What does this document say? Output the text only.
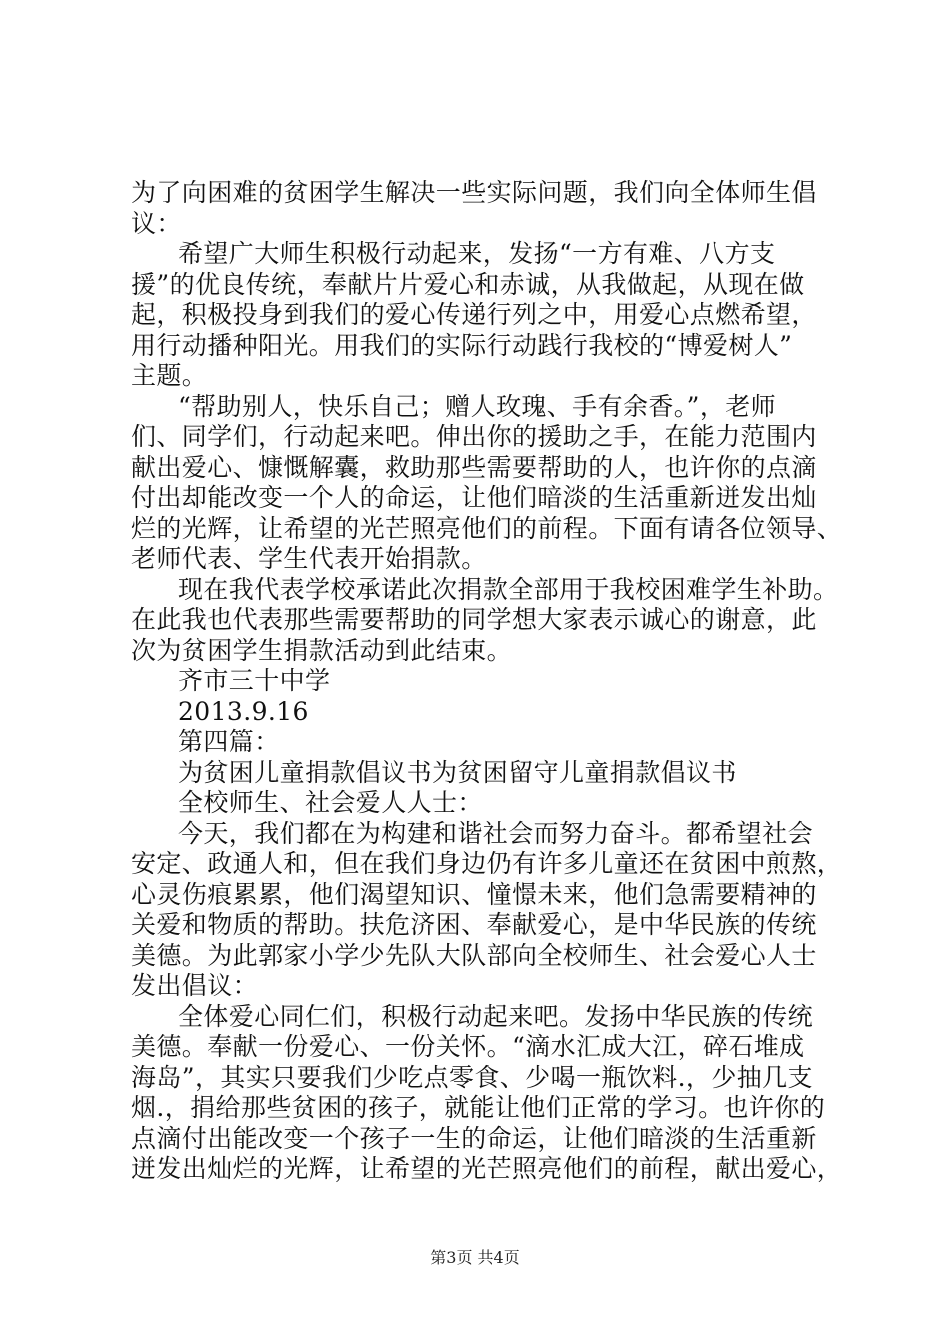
为了向困难的贫困学生解决一些实际问题，我们向全体师生倡
议：
希望广大师生积极行动起来，发扬“一方有难、八方支
援”的优良传统，奉献片片爱心和赤诚，从我做起，从现在做
起，积极投身到我们的爱心传递行列之中，用爱心点燃希望，
用行动播种阳光。用我们的实际行动践行我校的“博爱树人”
主题。
“帮助别人，快乐自己；赠人玫瑰、手有余香。”，老师
们、同学们，行动起来吧。伸出你的援助之手，在能力范围内
献出爱心、慷慨解囊，救助那些需要帮助的人，也许你的点滴
付出却能改变一个人的命运，让他们暗淡的生活重新迸发出灿
烂的光辉，让希望的光芒照亮他们的前程。下面有请各位领导、
老师代表、学生代表开始捐款。
现在我代表学校承诺此次捐款全部用于我校困难学生补助。
在此我也代表那些需要帮助的同学想大家表示诚心的谢意，此
次为贫困学生捐款活动到此结束。
齐市三十中学
2013.9.16
第四篇：
为贫困儿童捐款倡议书为贫困留守儿童捐款倡议书
全校师生、社会爱人人士：
今天，我们都在为构建和谐社会而努力奋斗。都希望社会
安定、政通人和，但在我们身边仍有许多儿童还在贫困中煎熬，
心灵伤痕累累，他们渴望知识、憧憬未来，他们急需要精神的
关爱和物质的帮助。扶危济困、奉献爱心，是中华民族的传统
美德。为此郭家小学少先队大队部向全校师生、社会爱心人士
发出倡议：
全体爱心同仁们，积极行动起来吧。发扬中华民族的传统
美德。奉献一份爱心、一份关怀。“滴水汇成大江，碎石堆成
海岛”，其实只要我们少吃点零食、少喝一瓶饮料.，少抽几支
烟.，捐给那些贫困的孩子，就能让他们正常的学习。也许你的
点滴付出能改变一个孩子一生的命运，让他们暗淡的生活重新
迸发出灿烂的光辉，让希望的光芒照亮他们的前程，献出爱心，
第3页 共4页
